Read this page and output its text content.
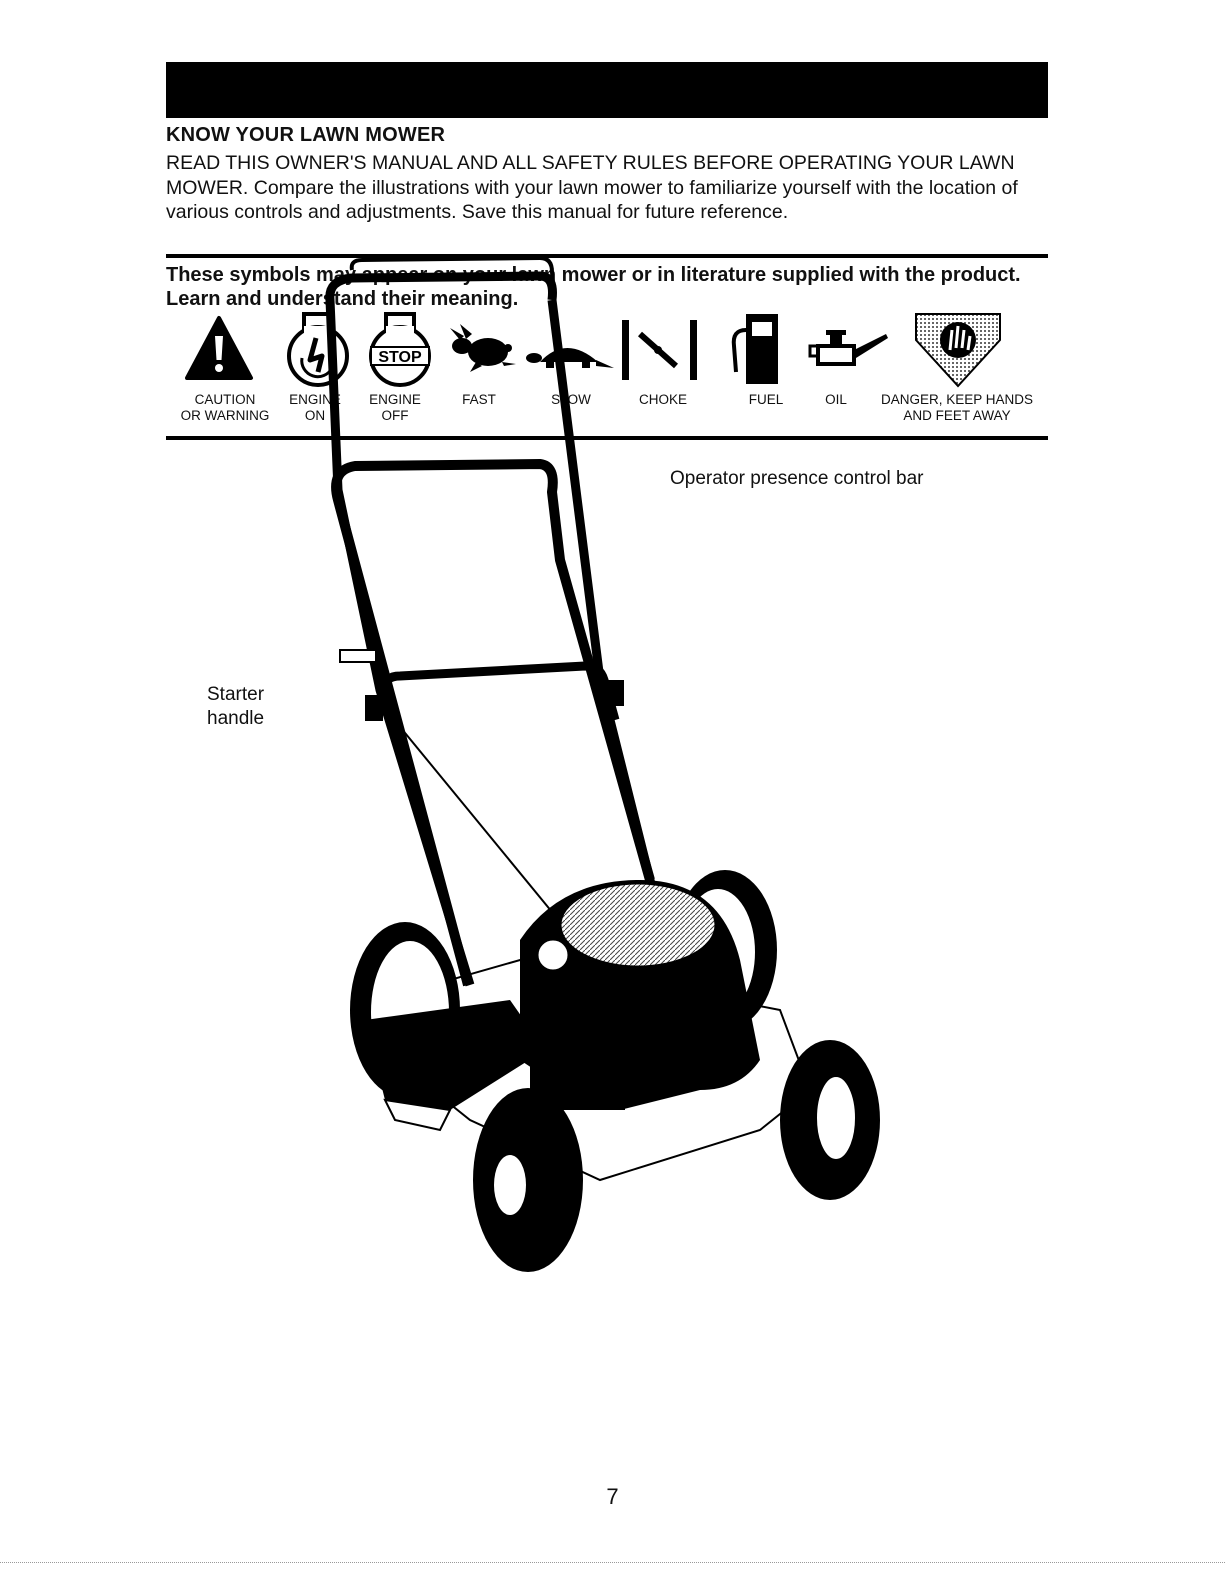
KNOW YOUR LAWN MOWER

READ THIS OWNER'S MANUAL AND ALL SAFETY RULES BEFORE OPERATING YOUR LAWN MOWER. Compare the illustrations with your lawn mower to familiarize yourself with the location of various controls and adjustments. Save this manual for future reference.

These symbols may appear on your lawn mower or in literature supplied with the product. Learn and understand their meaning.

STOP
CAUTION
OR WARNING
ENGINE
ON
ENGINE
OFF
FAST	SLOW	CHOKE	FUEL	OIL	DANGER, KEEP HANDS
AND FEET AWAY
Operator presence control bar
Starter
handle
7
